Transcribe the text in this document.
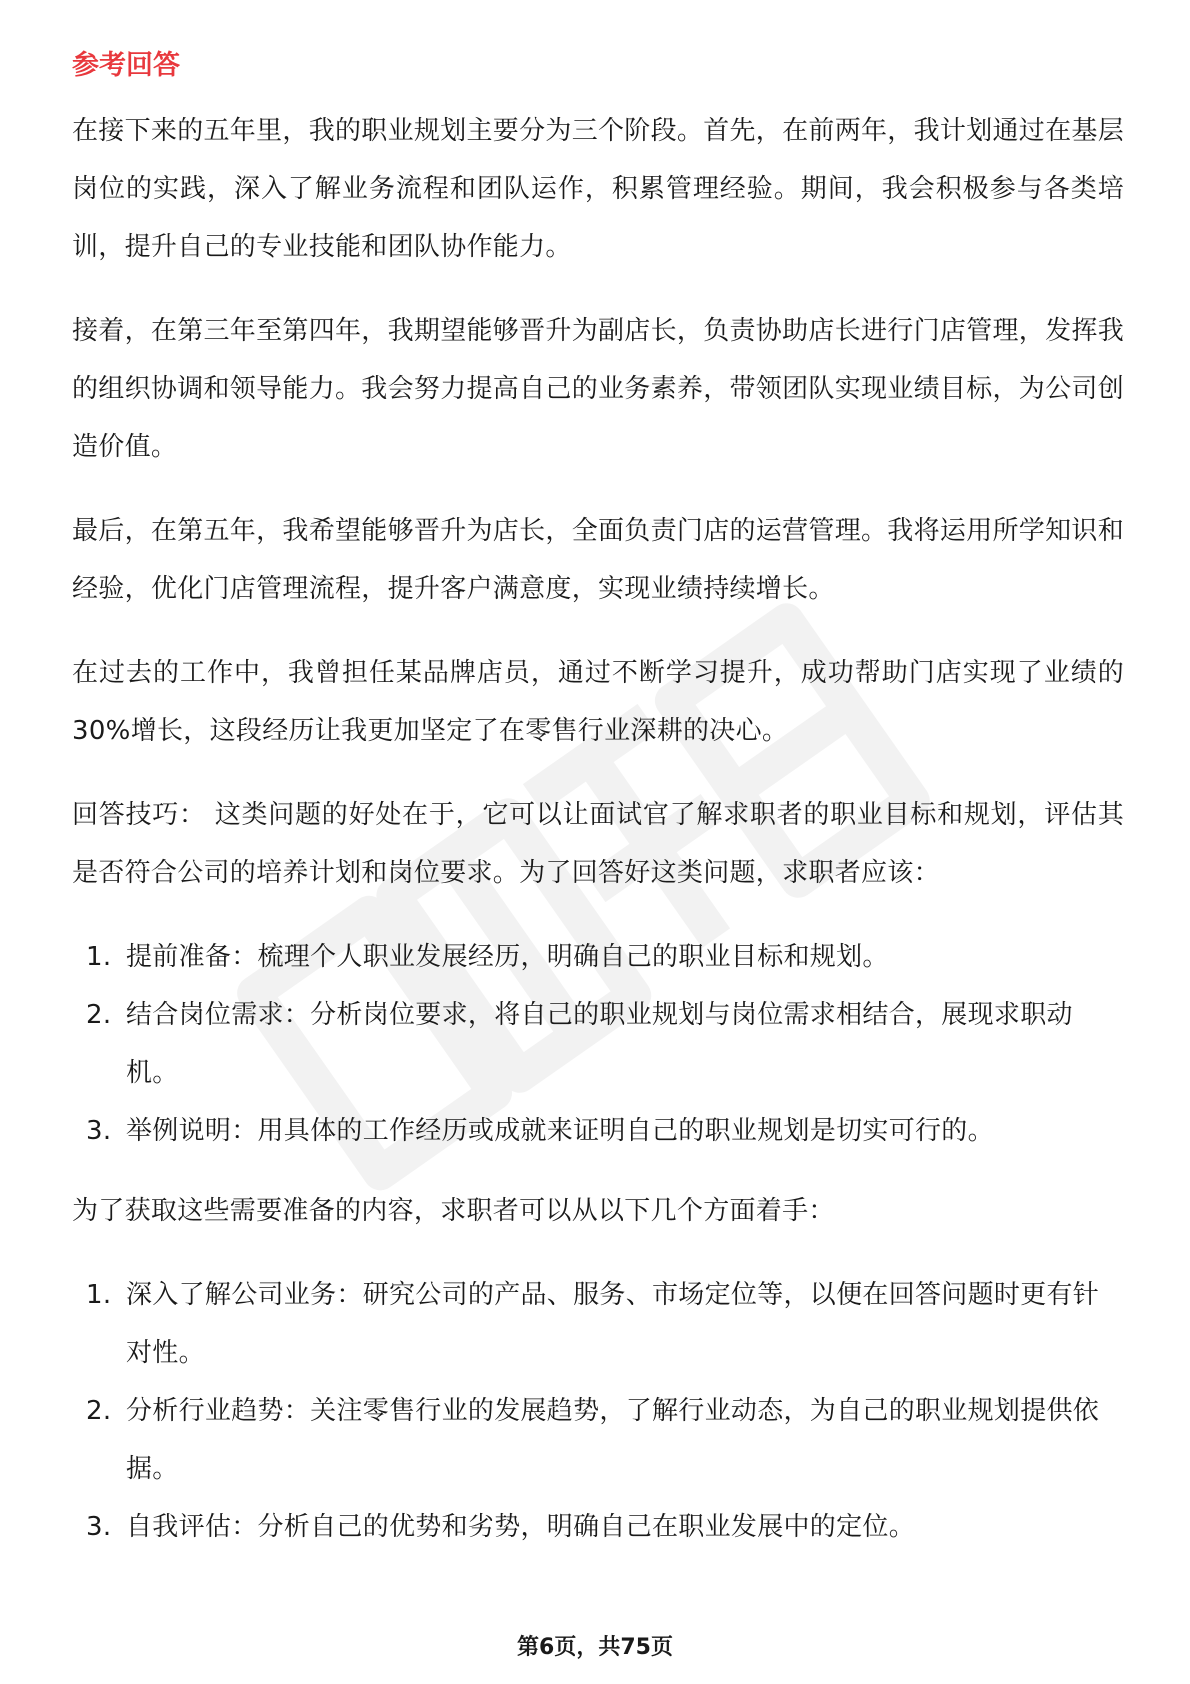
参考回答

在接下来的五年里，我的职业规划主要分为三个阶段。首先，在前两年，我计划通过在基层岗位的实践，深入了解业务流程和团队运作，积累管理经验。期间，我会积极参与各类培训，提升自己的专业技能和团队协作能力。

接着，在第三年至第四年，我期望能够晋升为副店长，负责协助店长进行门店管理，发挥我的组织协调和领导能力。我会努力提高自己的业务素养，带领团队实现业绩目标，为公司创造价值。

最后，在第五年，我希望能够晋升为店长，全面负责门店的运营管理。我将运用所学知识和经验，优化门店管理流程，提升客户满意度，实现业绩持续增长。

在过去的工作中，我曾担任某品牌店员，通过不断学习提升，成功帮助门店实现了业绩的30%增长，这段经历让我更加坚定了在零售行业深耕的决心。

回答技巧： 这类问题的好处在于，它可以让面试官了解求职者的职业目标和规划，评估其是否符合公司的培养计划和岗位要求。为了回答好这类问题，求职者应该：

1. 提前准备：梳理个人职业发展经历，明确自己的职业目标和规划。
2. 结合岗位需求：分析岗位要求，将自己的职业规划与岗位需求相结合，展现求职动机。
3. 举例说明：用具体的工作经历或成就来证明自己的职业规划是切实可行的。

为了获取这些需要准备的内容，求职者可以从以下几个方面着手：

1. 深入了解公司业务：研究公司的产品、服务、市场定位等，以便在回答问题时更有针对性。
2. 分析行业趋势：关注零售行业的发展趋势，了解行业动态，为自己的职业规划提供依据。
3. 自我评估：分析自己的优势和劣势，明确自己在职业发展中的定位。
第6页，共75页
